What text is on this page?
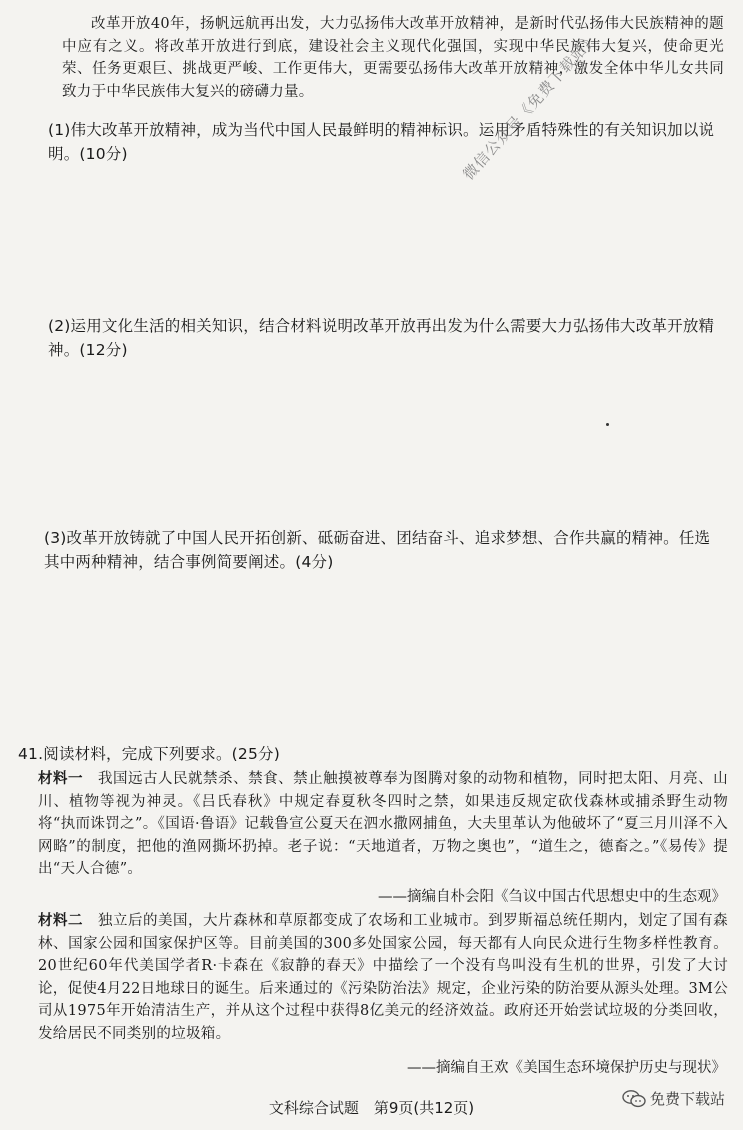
改革开放40年，扬帆远航再出发，大力弘扬伟大改革开放精神，是新时代弘扬伟大民族精神的题中应有之义。将改革开放进行到底，建设社会主义现代化强国，实现中华民族伟大复兴，使命更光荣、任务更艰巨、挑战更严峻、工作更伟大，更需要弘扬伟大改革开放精神，激发全体中华儿女共同致力于中华民族伟大复兴的磅礴力量。

(1)伟大改革开放精神，成为当代中国人民最鲜明的精神标识。运用矛盾特殊性的有关知识加以说明。(10分)	微信公众号《免费下载站》

(2)运用文化生活的相关知识，结合材料说明改革开放再出发为什么需要大力弘扬伟大改革开放精神。(12分)

(3)改革开放铸就了中国人民开拓创新、砥砺奋进、团结奋斗、追求梦想、合作共赢的精神。任选其中两种精神，结合事例简要阐述。(4分)

41.阅读材料，完成下列要求。(25分)

材料一　 我国远古人民就禁杀、禁食、禁止触摸被尊奉为图腾对象的动物和植物，同时把太阳、月亮、山川、植物等视为神灵。《吕氏春秋》中规定春夏秋冬四时之禁，如果违反规定砍伐森林或捕杀野生动物将“执而诛罚之”。《国语·鲁语》记载鲁宣公夏天在泗水撒网捕鱼，大夫里革认为他破坏了“夏三月川泽不入网略”的制度，把他的渔网撕坏扔掉。老子说：“天地道者，万物之奥也”，“道生之，德畜之。”《易传》提出“天人合德”。

——摘编自朴会阳《刍议中国古代思想史中的生态观》

材料二　 独立后的美国，大片森林和草原都变成了农场和工业城市。到罗斯福总统任期内，划定了国有森林、国家公园和国家保护区等。目前美国的300多处国家公园，每天都有人向民众进行生物多样性教育。20世纪60年代美国学者R·卡森在《寂静的春天》中描绘了一个没有鸟叫没有生机的世界，引发了大讨论，促使4月22日地球日的诞生。后来通过的《污染防治法》规定，企业污染的防治要从源头处理。3M公司从1975年开始清洁生产，并从这个过程中获得8亿美元的经济效益。政府还开始尝试垃圾的分类回收，发给居民不同类别的垃圾箱。

——摘编自王欢《美国生态环境保护历史与现状》

文科综合试题　第9页(共12页)	免费下载站
